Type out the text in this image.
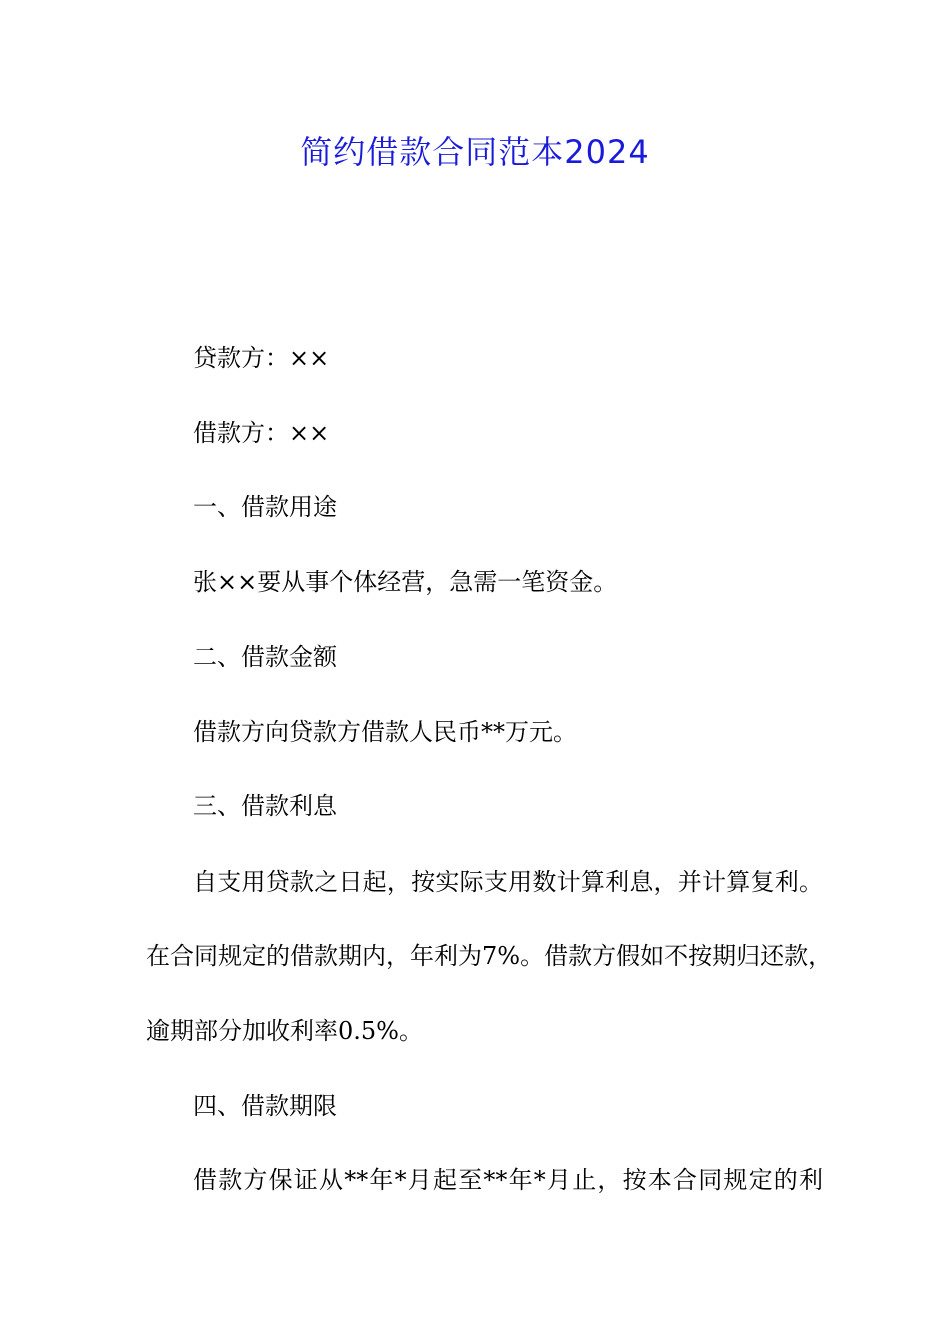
简约借款合同范本2024
贷款方：××
借款方：××
一、借款用途
张××要从事个体经营，急需一笔资金。
二、借款金额
借款方向贷款方借款人民币**万元。
三、借款利息
自支用贷款之日起，按实际支用数计算利息，并计算复利。
在合同规定的借款期内，年利为7%。借款方假如不按期归还款，
逾期部分加收利率0.5%。
四、借款期限
借款方保证从**年*月起至**年*月止，按本合同规定的利
